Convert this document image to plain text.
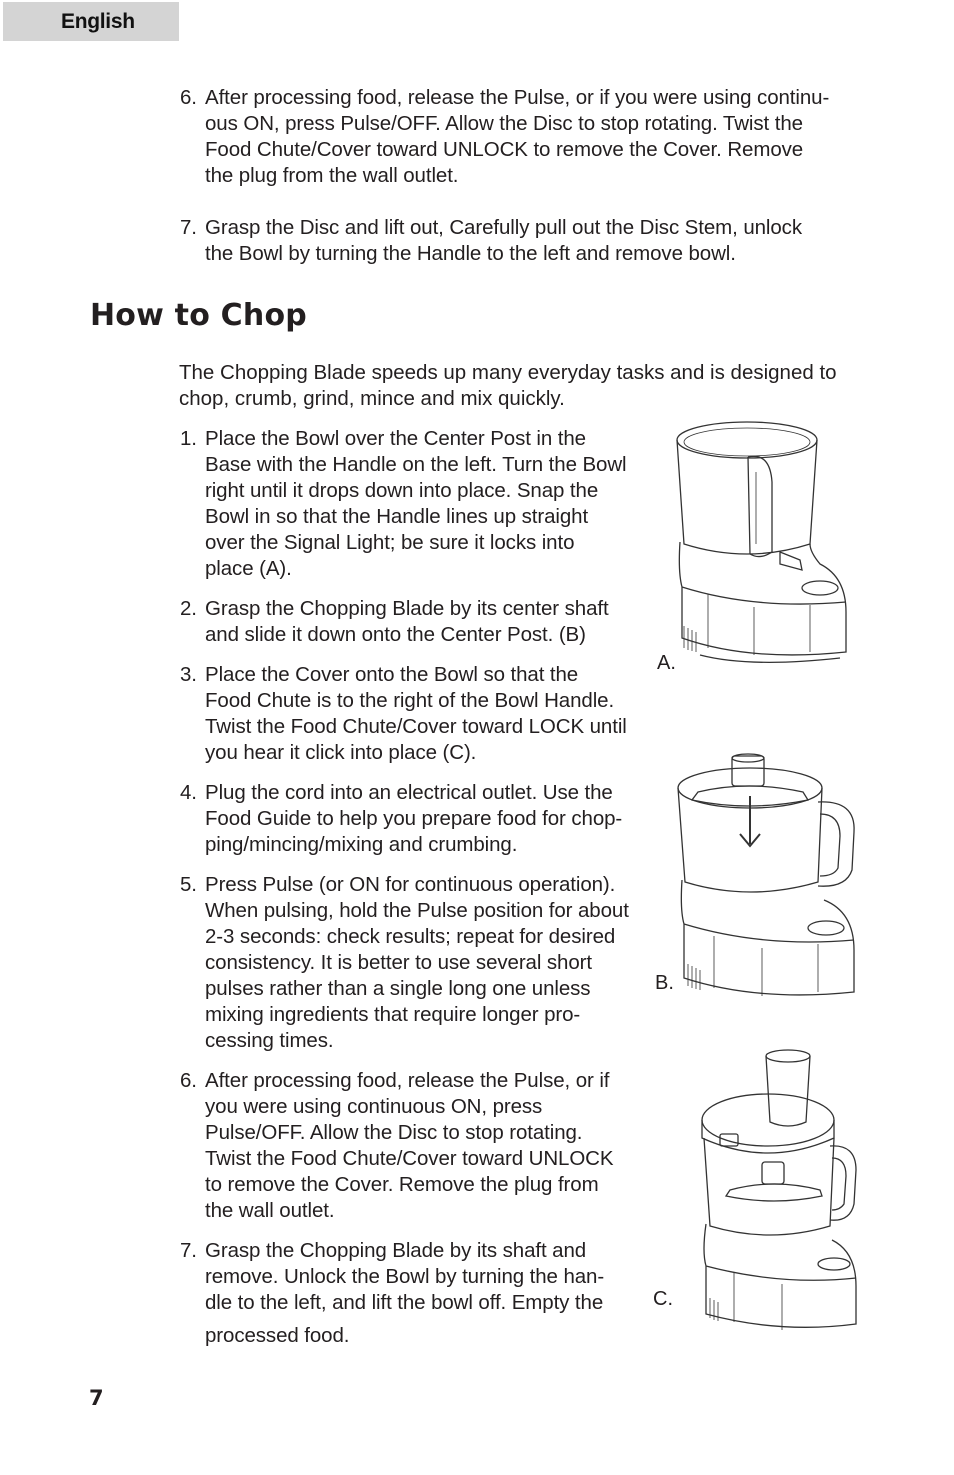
English
6. After processing food, release the Pulse, or if you were using continu-
ous ON, press Pulse/OFF. Allow the Disc to stop rotating. Twist the
Food Chute/Cover toward UNLOCK to remove the Cover. Remove
the plug from the wall outlet.
7. Grasp the Disc and lift out, Carefully pull out the Disc Stem, unlock
the Bowl by turning the Handle to the left and remove bowl.
How to Chop
The Chopping Blade speeds up many everyday tasks and is designed to
chop, crumb, grind, mince and mix quickly.
1. Place the Bowl over the Center Post in the
Base with the Handle on the left. Turn the Bowl
right until it drops down into place. Snap the
Bowl in so that the Handle lines up straight
over the Signal Light; be sure it locks into
place (A).
2. Grasp the Chopping Blade by its center shaft
and slide it down onto the Center Post. (B)
3. Place the Cover onto the Bowl so that the
Food Chute is to the right of the Bowl Handle.
Twist the Food Chute/Cover toward LOCK until
you hear it click into place (C).
4. Plug the cord into an electrical outlet. Use the
Food Guide to help you prepare food for chop-
ping/mincing/mixing and crumbing.
5. Press Pulse (or ON for continuous operation).
When pulsing, hold the Pulse position for about
2-3 seconds: check results; repeat for desired
consistency. It is better to use several short
pulses rather than a single long one unless
mixing ingredients that require longer pro-
cessing times.
6. After processing food, release the Pulse, or if
you were using continuous ON, press
Pulse/OFF. Allow the Disc to stop rotating.
Twist the Food Chute/Cover toward UNLOCK
to remove the Cover. Remove the plug from
the wall outlet.
7. Grasp the Chopping Blade by its shaft and
remove. Unlock the Bowl by turning the han-
dle to the left, and lift the bowl off. Empty the
processed food.
A.
B.
C.
7
